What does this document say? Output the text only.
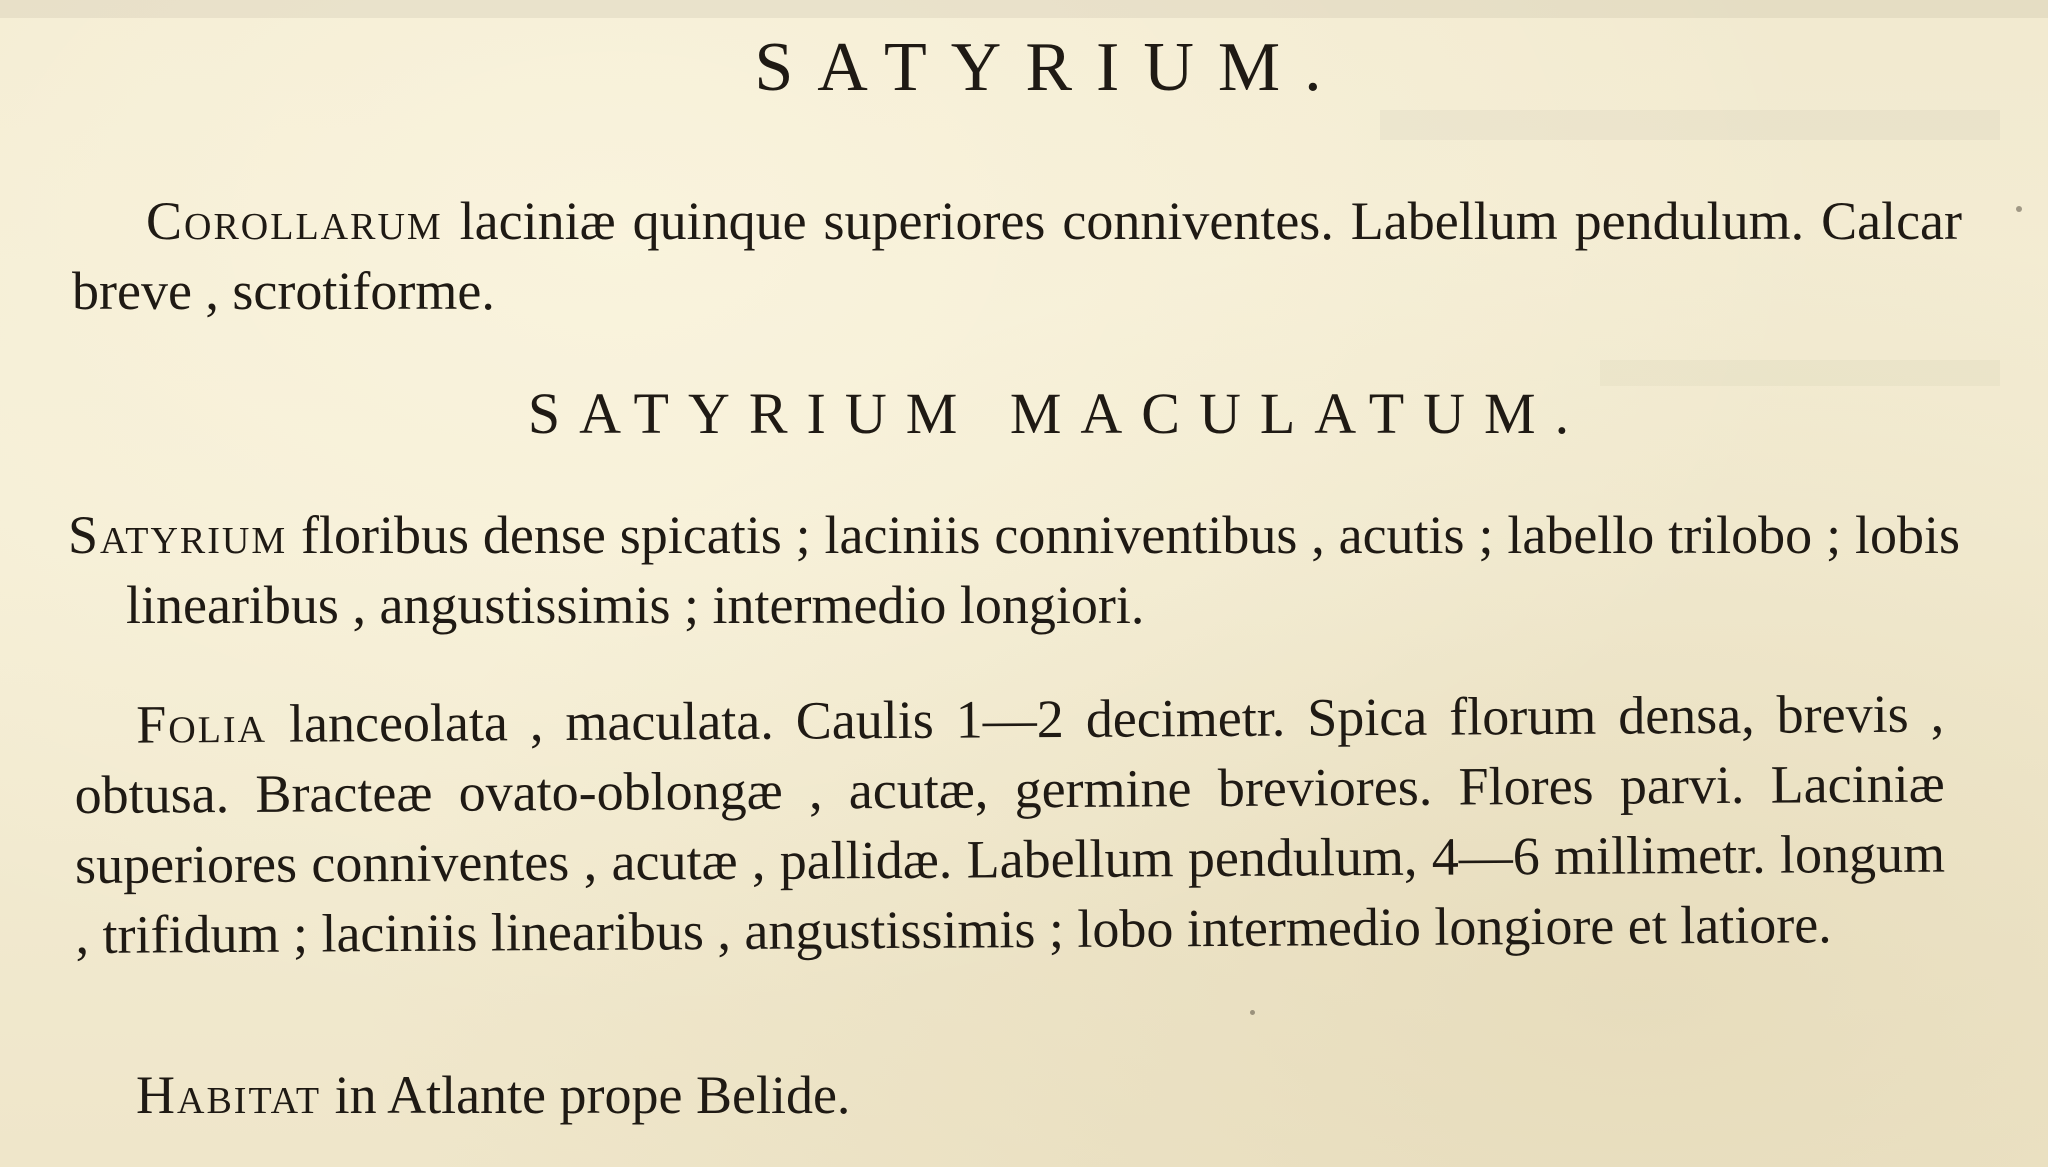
SATYRIUM.

Corollarum laciniæ quinque superiores conniventes. Labellum pendulum. Calcar breve , scrotiforme.

SATYRIUM MACULATUM.

Satyrium floribus dense spicatis ; laciniis conniventibus , acutis ; labello trilobo ; lobis linearibus , angustissimis ; intermedio longiori.

Folia lanceolata , maculata. Caulis 1—2 decimetr. Spica florum densa, brevis , obtusa. Bracteæ ovato-oblongæ , acutæ, germine breviores. Flores parvi. Laciniæ superiores conniventes , acutæ , pallidæ. Labellum pendulum, 4—6 millimetr. longum , trifidum ; laciniis linearibus , angustissimis ; lobo intermedio longiore et latiore.

Habitat in Atlante prope Belide.
